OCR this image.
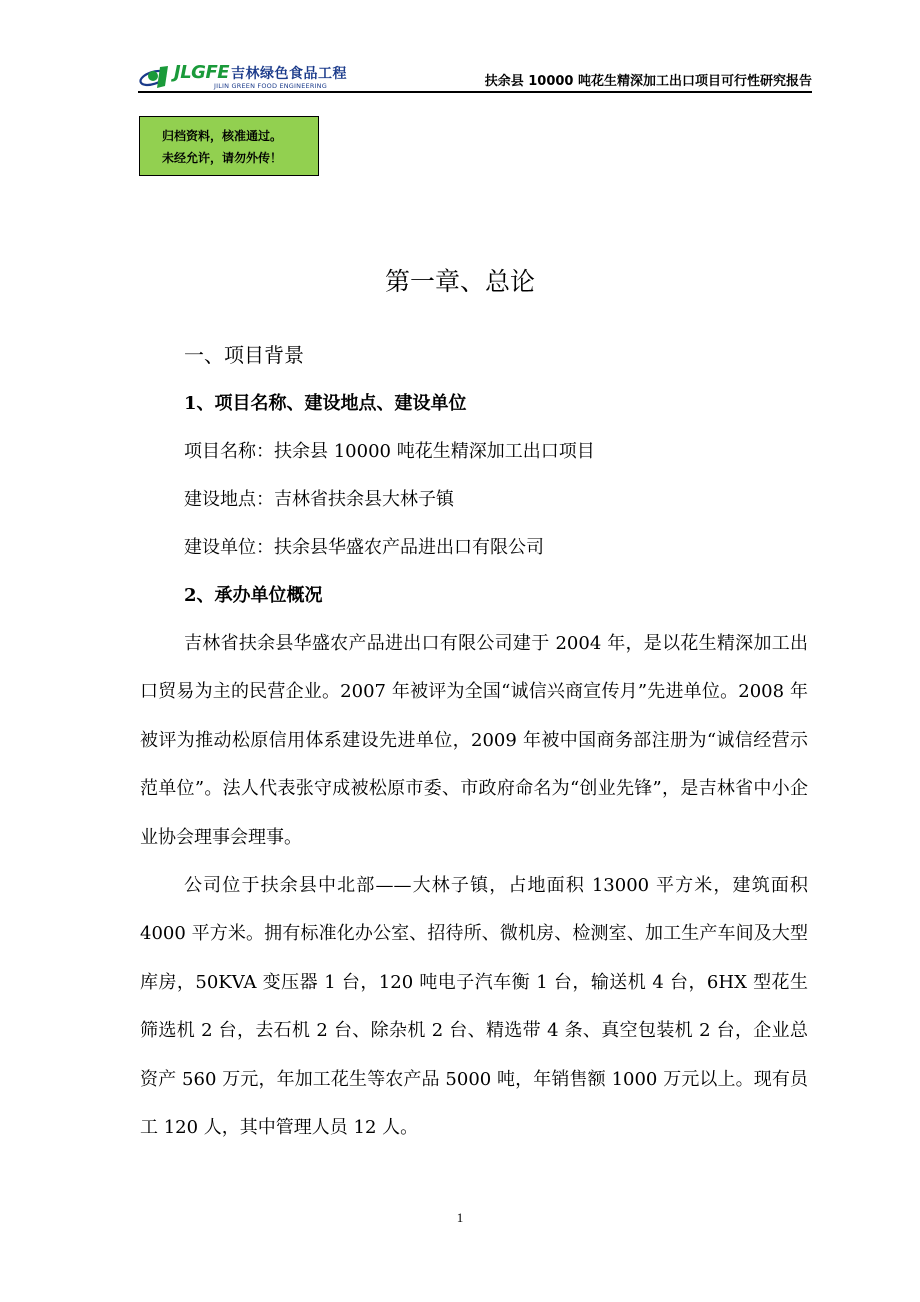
JLGFE 吉林绿色食品工程
JILIN GREEN FOOD ENGINEERING	扶余县 10000 吨花生精深加工出口项目可行性研究报告
归档资料，核准通过。
未经允许，请勿外传！
第一章、总论
一、项目背景
1、项目名称、建设地点、建设单位
项目名称：扶余县 10000 吨花生精深加工出口项目
建设地点：吉林省扶余县大林子镇
建设单位：扶余县华盛农产品进出口有限公司
2、承办单位概况

吉林省扶余县华盛农产品进出口有限公司建于 2004 年，是以花生精深加工出口贸易为主的民营企业。2007 年被评为全国“诚信兴商宣传月”先进单位。2008 年被评为推动松原信用体系建设先进单位，2009 年被中国商务部注册为“诚信经营示范单位”。法人代表张守成被松原市委、市政府命名为“创业先锋”，是吉林省中小企业协会理事会理事。

公司位于扶余县中北部——大林子镇，占地面积 13000 平方米，建筑面积 4000 平方米。拥有标准化办公室、招待所、微机房、检测室、加工生产车间及大型库房，50KVA 变压器 1 台，120 吨电子汽车衡 1 台，输送机 4 台，6HX 型花生筛选机 2 台，去石机 2 台、除杂机 2 台、精选带 4 条、真空包装机 2 台，企业总资产 560 万元，年加工花生等农产品 5000 吨，年销售额 1000 万元以上。现有员工 120 人，其中管理人员 12 人。

1
